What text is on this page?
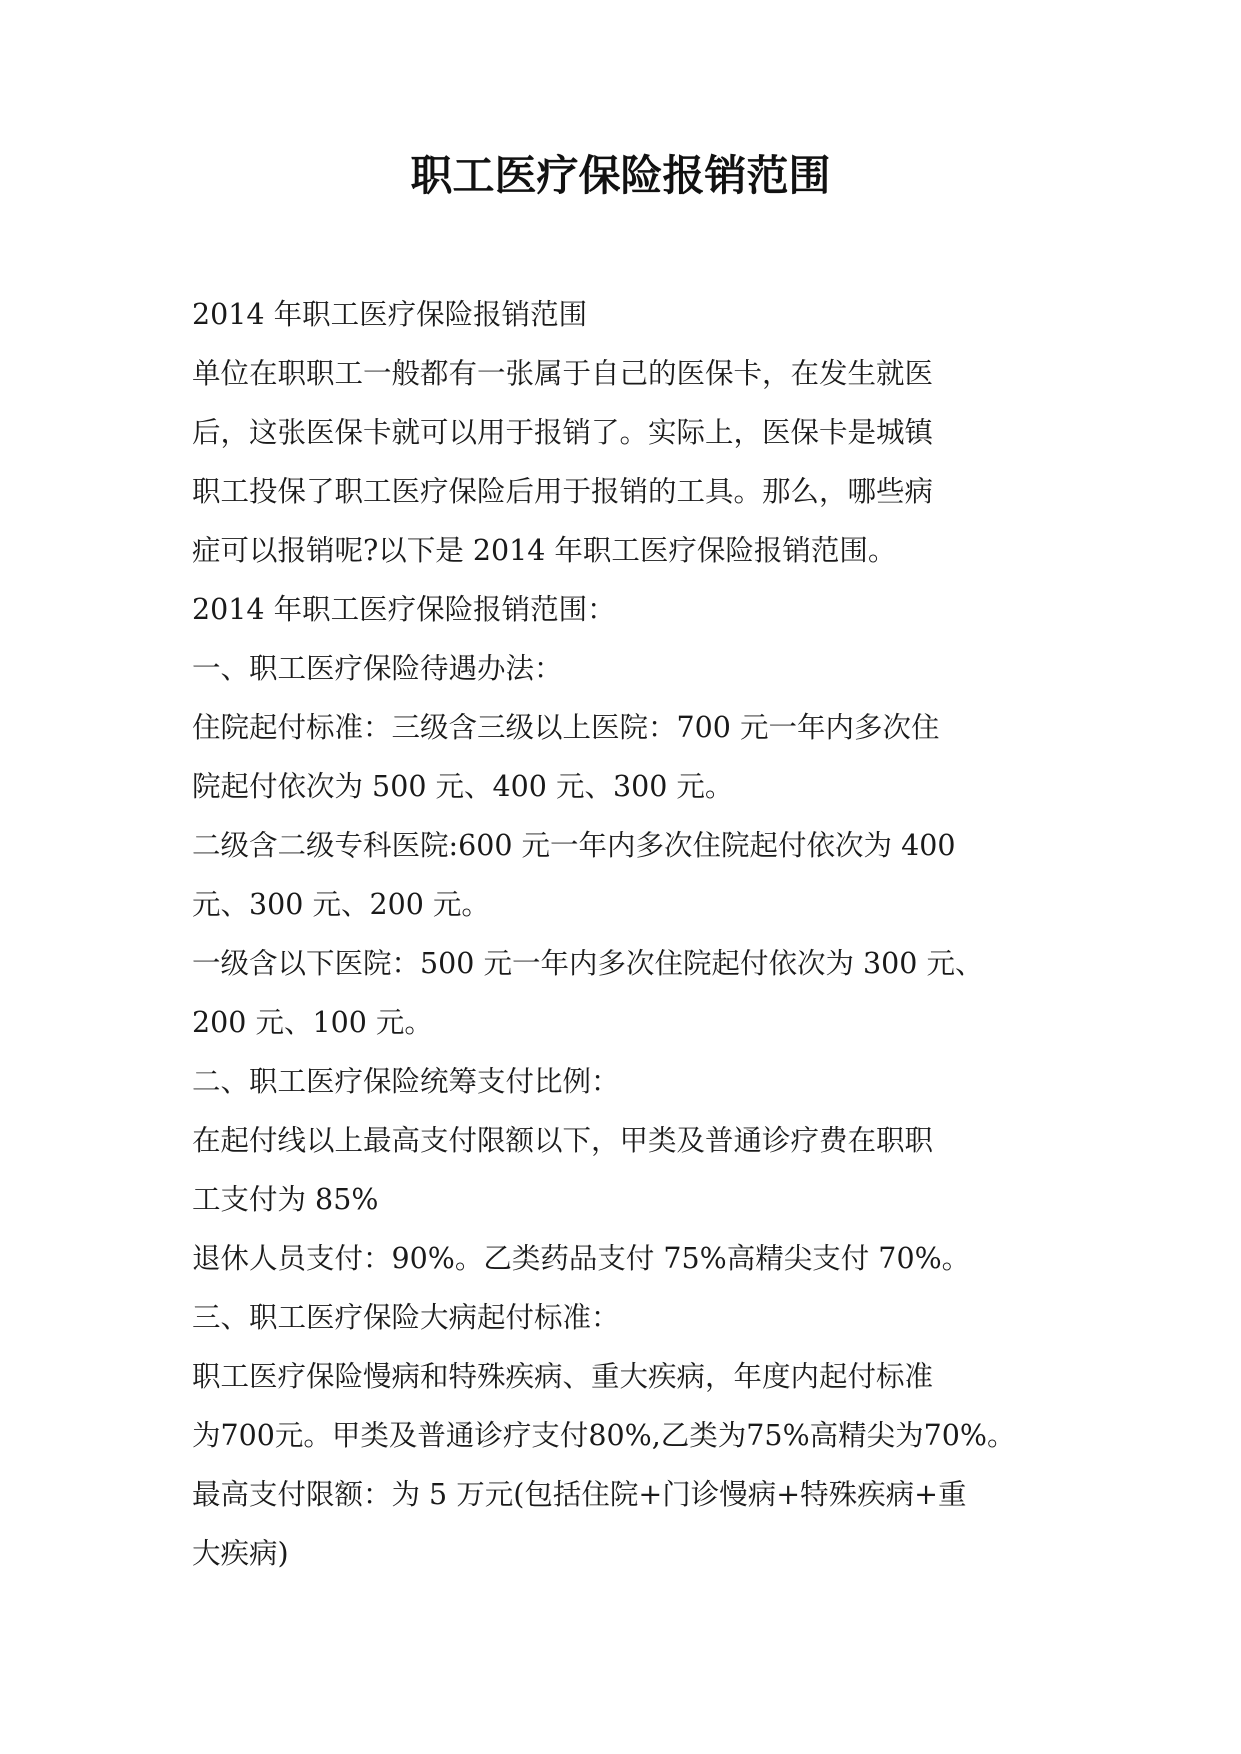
职工医疗保险报销范围

2014 年职工医疗保险报销范围

单位在职职工一般都有一张属于自己的医保卡，在发生就医

后，这张医保卡就可以用于报销了。实际上，医保卡是城镇

职工投保了职工医疗保险后用于报销的工具。那么，哪些病

症可以报销呢?以下是 2014 年职工医疗保险报销范围。

2014 年职工医疗保险报销范围：

一、职工医疗保险待遇办法：

住院起付标准：三级含三级以上医院：700 元一年内多次住

院起付依次为 500 元、400 元、300 元。

二级含二级专科医院:600 元一年内多次住院起付依次为 400

元、300 元、200 元。

一级含以下医院：500 元一年内多次住院起付依次为 300 元、

200 元、100 元。

二、职工医疗保险统筹支付比例：

在起付线以上最高支付限额以下，甲类及普通诊疗费在职职

工支付为 85%

退休人员支付：90%。乙类药品支付 75%高精尖支付 70%。

三、职工医疗保险大病起付标准：

职工医疗保险慢病和特殊疾病、重大疾病，年度内起付标准

为700元。甲类及普通诊疗支付80%,乙类为75%高精尖为70%。

最高支付限额：为 5 万元(包括住院+门诊慢病+特殊疾病+重

大疾病)
